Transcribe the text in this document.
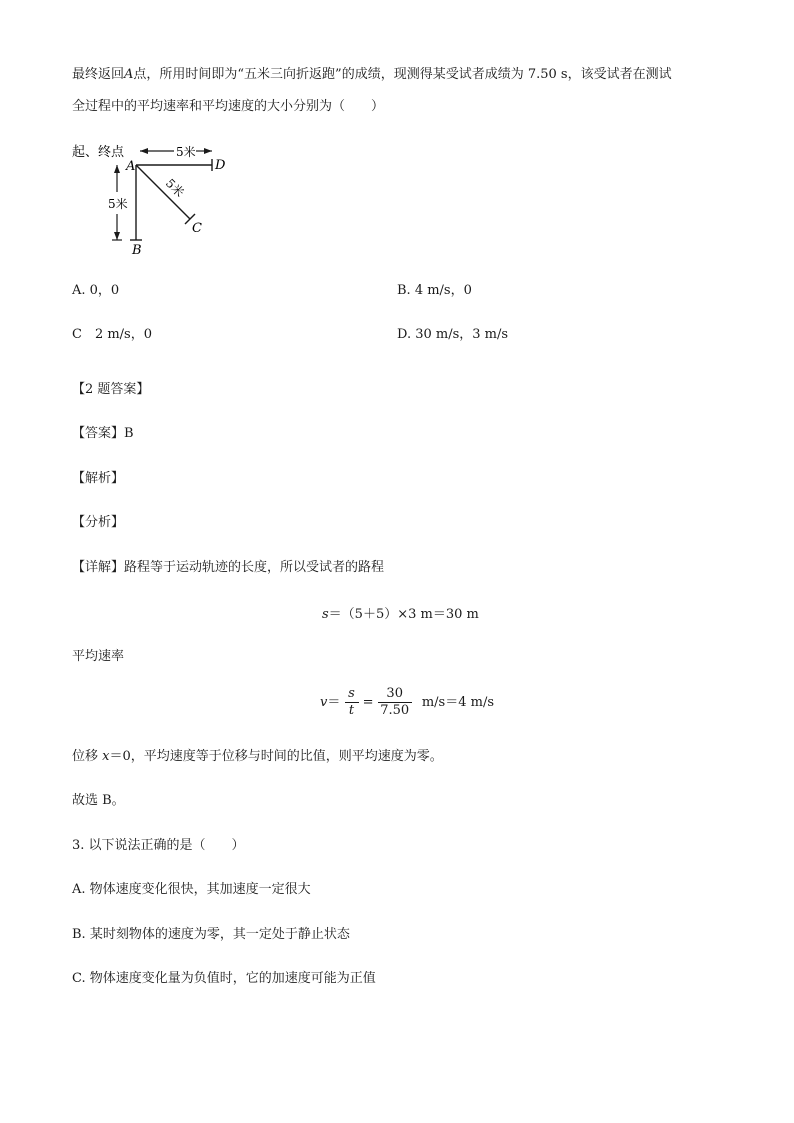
最终返回A点，所用时间即为“五米三向折返跑”的成绩，现测得某受试者成绩为 7.50 s，该受试者在测试
全过程中的平均速率和平均速度的大小分别为（　　）
起、终点	5米
D
A
B
5米
C
5米
A. 0，0	B. 4 m/s，0
C　2 m/s，0	D. 30 m/s，3 m/s
【2 题答案】
【答案】B
【解析】
【分析】
【详解】路程等于运动轨迹的长度，所以受试者的路程
s＝（5＋5）×3 m＝30 m
平均速率
$v= \frac{s}{t} = \frac{30}{7.50} m/s=4$ m/s
位移 x＝0，平均速度等于位移与时间的比值，则平均速度为零。
故选 B。
3. 以下说法正确的是（　　）
A. 物体速度变化很快，其加速度一定很大
B. 某时刻物体的速度为零，其一定处于静止状态
C. 物体速度变化量为负值时，它的加速度可能为正值
